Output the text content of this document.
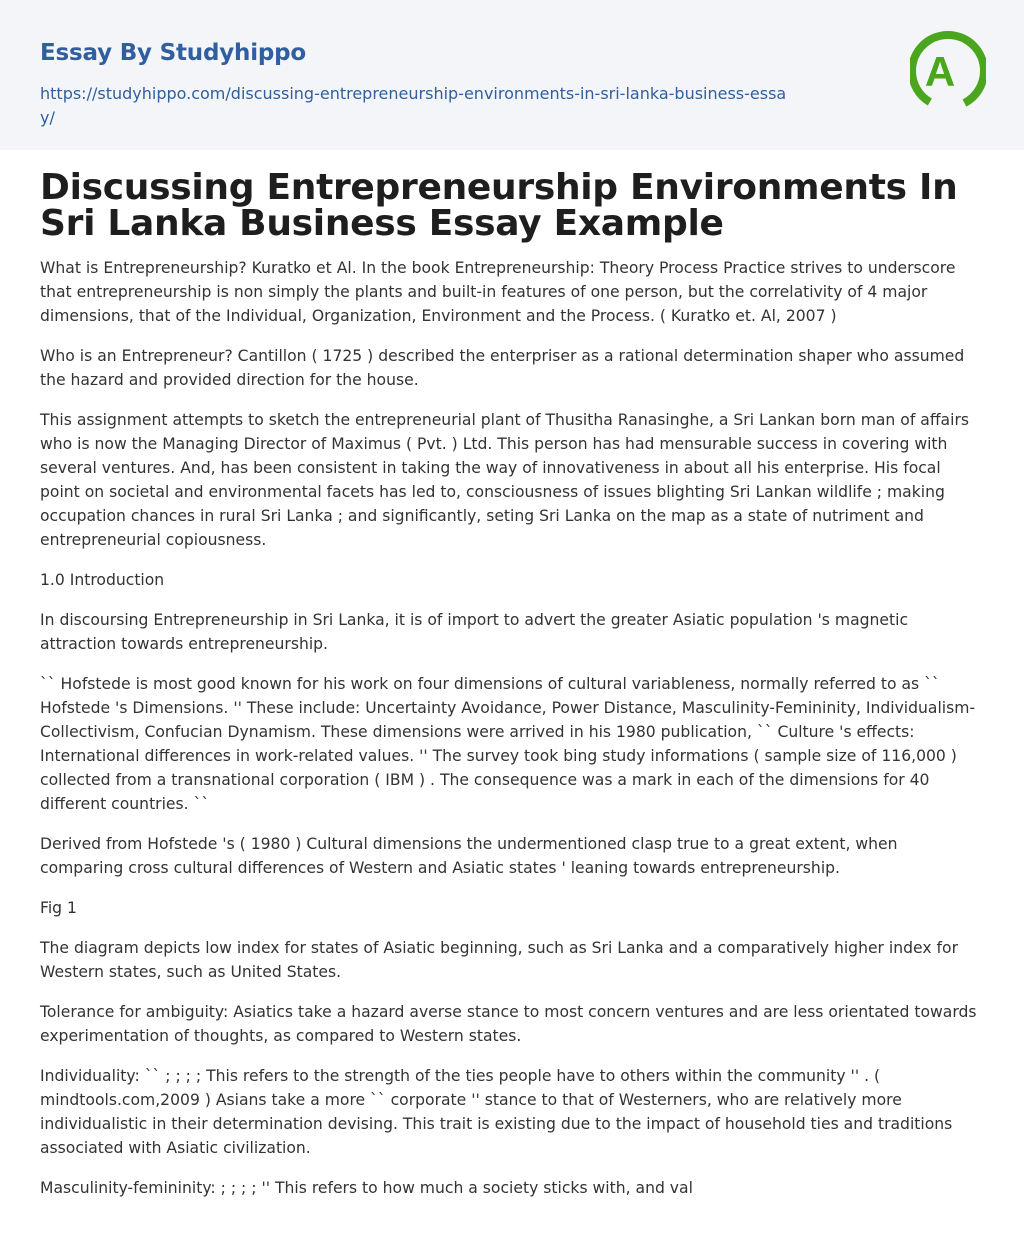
Essay By Studyhippo
https://studyhippo.com/discussing-entrepreneurship-environments-in-sri-lanka-business-essay/
A
Discussing Entrepreneurship Environments In Sri Lanka Business Essay Example

What is Entrepreneurship? Kuratko et Al. In the book Entrepreneurship: Theory Process Practice strives to underscore that entrepreneurship is non simply the plants and built-in features of one person, but the correlativity of 4 major dimensions, that of the Individual, Organization, Environment and the Process. ( Kuratko et. Al, 2007 )

Who is an Entrepreneur? Cantillon ( 1725 ) described the enterpriser as a rational determination shaper who assumed the hazard and provided direction for the house.

This assignment attempts to sketch the entrepreneurial plant of Thusitha Ranasinghe, a Sri Lankan born man of affairs who is now the Managing Director of Maximus ( Pvt. ) Ltd. This person has had mensurable success in covering with several ventures. And, has been consistent in taking the way of innovativeness in about all his enterprise. His focal point on societal and environmental facets has led to, consciousness of issues blighting Sri Lankan wildlife ; making occupation chances in rural Sri Lanka ; and significantly, seting Sri Lanka on the map as a state of nutriment and entrepreneurial copiousness.

1.0 Introduction

In discoursing Entrepreneurship in Sri Lanka, it is of import to advert the greater Asiatic population 's magnetic attraction towards entrepreneurship.

`` Hofstede is most good known for his work on four dimensions of cultural variableness, normally referred to as `` Hofstede 's Dimensions. '' These include: Uncertainty Avoidance, Power Distance, Masculinity-Femininity, Individualism-Collectivism, Confucian Dynamism. These dimensions were arrived in his 1980 publication, `` Culture 's effects: International differences in work-related values. '' The survey took bing study informations ( sample size of 116,000 ) collected from a transnational corporation ( IBM ) . The consequence was a mark in each of the dimensions for 40 different countries. ``

Derived from Hofstede 's ( 1980 ) Cultural dimensions the undermentioned clasp true to a great extent, when comparing cross cultural differences of Western and Asiatic states ' leaning towards entrepreneurship.

Fig 1

The diagram depicts low index for states of Asiatic beginning, such as Sri Lanka and a comparatively higher index for Western states, such as United States.

Tolerance for ambiguity: Asiatics take a hazard averse stance to most concern ventures and are less orientated towards experimentation of thoughts, as compared to Western states.

Individuality: `` ; ; ; ; This refers to the strength of the ties people have to others within the community '' . ( mindtools.com,2009 ) Asians take a more `` corporate '' stance to that of Westerners, who are relatively more individualistic in their determination devising. This trait is existing due to the impact of household ties and traditions associated with Asiatic civilization.

Masculinity-femininity: ; ; ; ; '' This refers to how much a society sticks with, and val
